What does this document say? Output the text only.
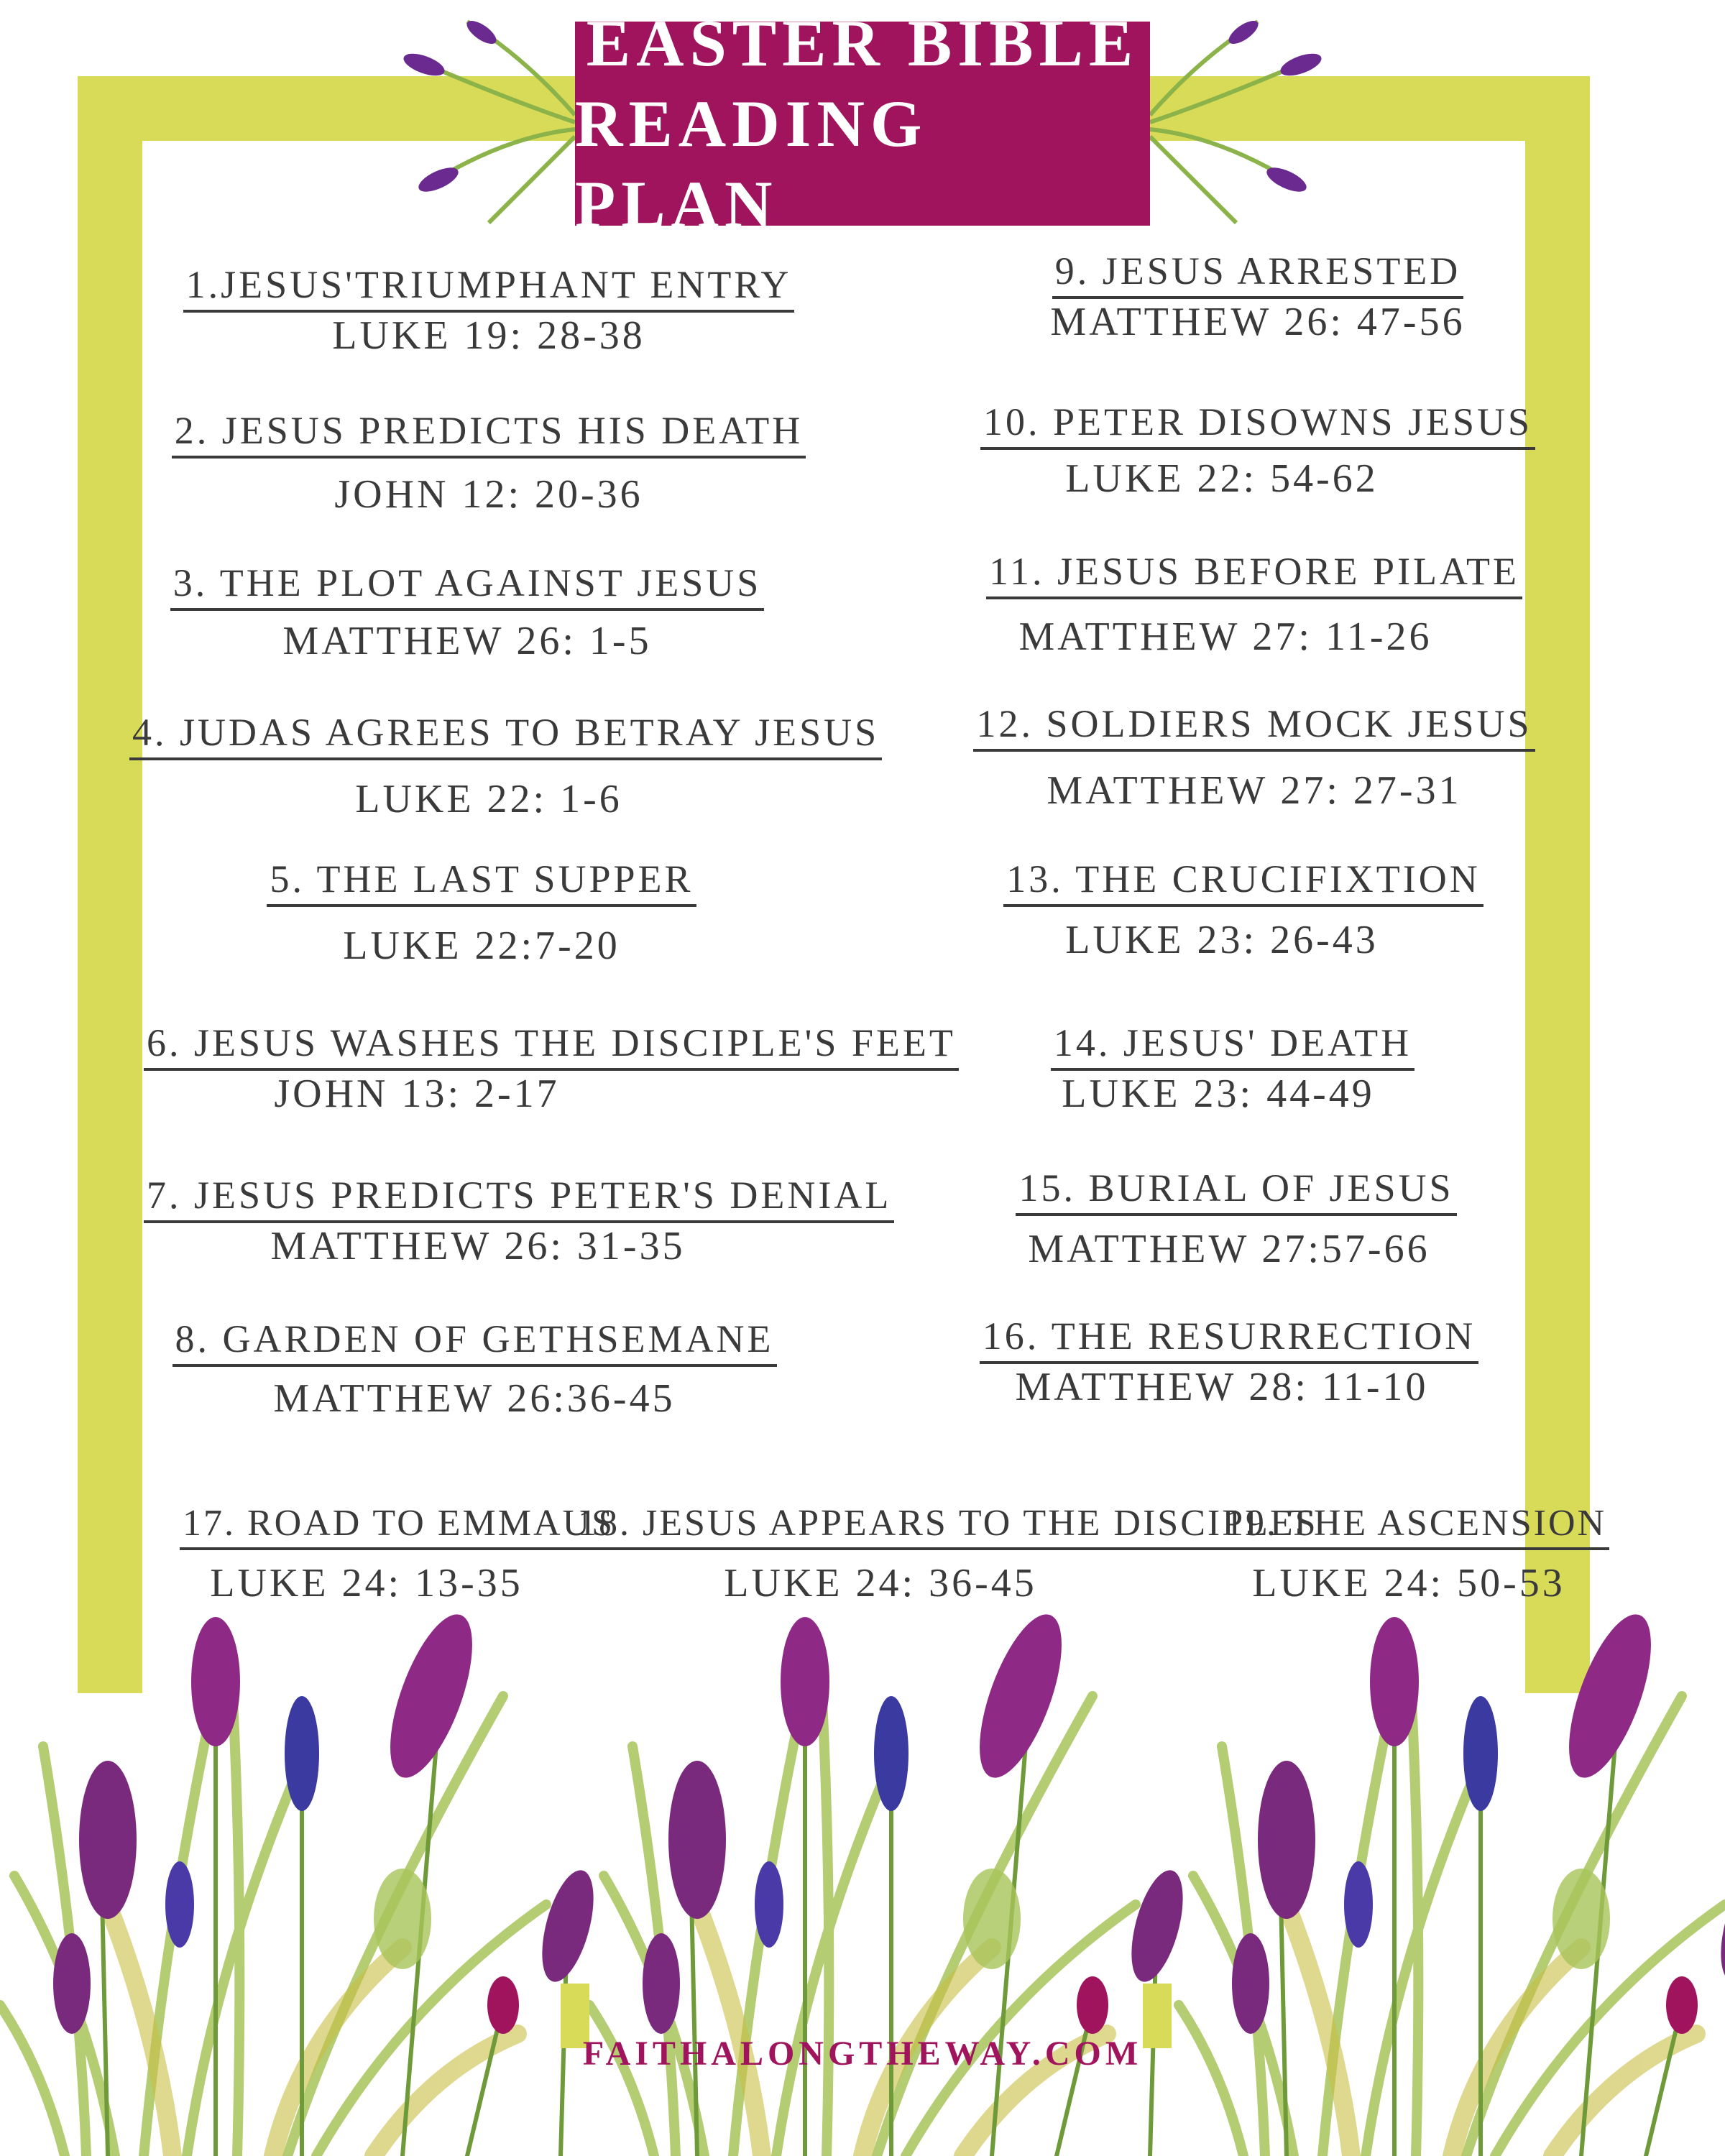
EASTER BIBLE
READING PLAN
1.JESUS'TRIUMPHANT ENTRY
LUKE 19: 28-38
2. JESUS PREDICTS HIS DEATH
JOHN 12: 20-36
3. THE PLOT AGAINST JESUS
MATTHEW 26: 1-5
4. JUDAS AGREES TO BETRAY JESUS
LUKE 22: 1-6
5. THE LAST SUPPER
LUKE 22:7-20
6. JESUS WASHES THE DISCIPLE'S FEET
JOHN 13: 2-17
7. JESUS PREDICTS PETER'S DENIAL
MATTHEW 26: 31-35
8. GARDEN OF GETHSEMANE
MATTHEW 26:36-45
9. JESUS ARRESTED
MATTHEW 26: 47-56
10. PETER DISOWNS JESUS
LUKE 22: 54-62
11. JESUS BEFORE PILATE
MATTHEW 27: 11-26
12. SOLDIERS MOCK JESUS
MATTHEW 27: 27-31
13. THE CRUCIFIXTION
LUKE 23: 26-43
14. JESUS' DEATH
LUKE 23: 44-49
15. BURIAL OF JESUS
MATTHEW 27:57-66
16. THE RESURRECTION
MATTHEW 28: 11-10
17. ROAD TO EMMAUS
LUKE 24: 13-35
18. JESUS APPEARS TO THE DISCIPLES
LUKE 24: 36-45
19. THE ASCENSION
LUKE 24: 50-53
FAITHALONGTHEWAY.COM
